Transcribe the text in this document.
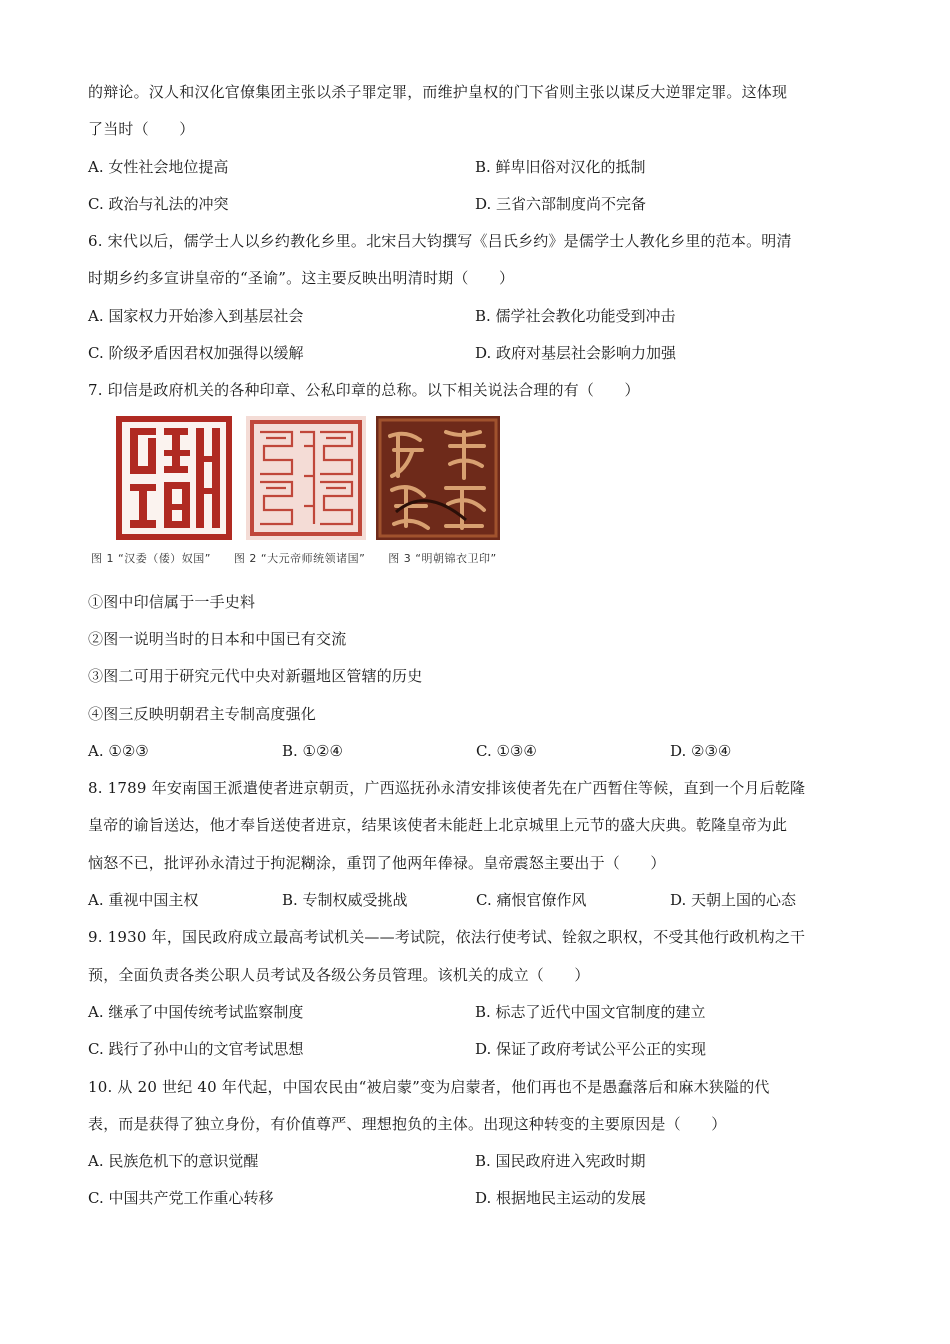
的辩论。汉人和汉化官僚集团主张以杀子罪定罪，而维护皇权的门下省则主张以谋反大逆罪定罪。这体现
了当时（　　）
A. 女性社会地位提高	B. 鲜卑旧俗对汉化的抵制
C. 政治与礼法的冲突	D. 三省六部制度尚不完备
6. 宋代以后，儒学士人以乡约教化乡里。北宋吕大钧撰写《吕氏乡约》是儒学士人教化乡里的范本。明清
时期乡约多宣讲皇帝的“圣谕”。这主要反映出明清时期（　　）
A. 国家权力开始渗入到基层社会	B. 儒学社会教化功能受到冲击
C. 阶级矛盾因君权加强得以缓解	D. 政府对基层社会影响力加强
7. 印信是政府机关的各种印章、公私印章的总称。以下相关说法合理的有（　　）
图 1 “汉委（倭）奴国”　　图 2 “大元帝师统领诸国”　　图 3 “明朝锦衣卫印”
①图中印信属于一手史料
②图一说明当时的日本和中国已有交流
③图二可用于研究元代中央对新疆地区管辖的历史
④图三反映明朝君主专制高度强化
A. ①②③	B. ①②④	C. ①③④	D. ②③④
8. 1789 年安南国王派遣使者进京朝贡，广西巡抚孙永清安排该使者先在广西暂住等候，直到一个月后乾隆
皇帝的谕旨送达，他才奉旨送使者进京，结果该使者未能赶上北京城里上元节的盛大庆典。乾隆皇帝为此
恼怒不已，批评孙永清过于拘泥糊涂，重罚了他两年俸禄。皇帝震怒主要出于（　　）
A. 重视中国主权	B. 专制权威受挑战	C. 痛恨官僚作风	D. 天朝上国的心态
9. 1930 年，国民政府成立最高考试机关——考试院，依法行使考试、铨叙之职权，不受其他行政机构之干
预，全面负责各类公职人员考试及各级公务员管理。该机关的成立（　　）
A. 继承了中国传统考试监察制度	B. 标志了近代中国文官制度的建立
C. 践行了孙中山的文官考试思想	D. 保证了政府考试公平公正的实现
10. 从 20 世纪 40 年代起，中国农民由“被启蒙”变为启蒙者，他们再也不是愚蠢落后和麻木狭隘的代
表，而是获得了独立身份，有价值尊严、理想抱负的主体。出现这种转变的主要原因是（　　）
A. 民族危机下的意识觉醒	B. 国民政府进入宪政时期
C. 中国共产党工作重心转移	D. 根据地民主运动的发展
